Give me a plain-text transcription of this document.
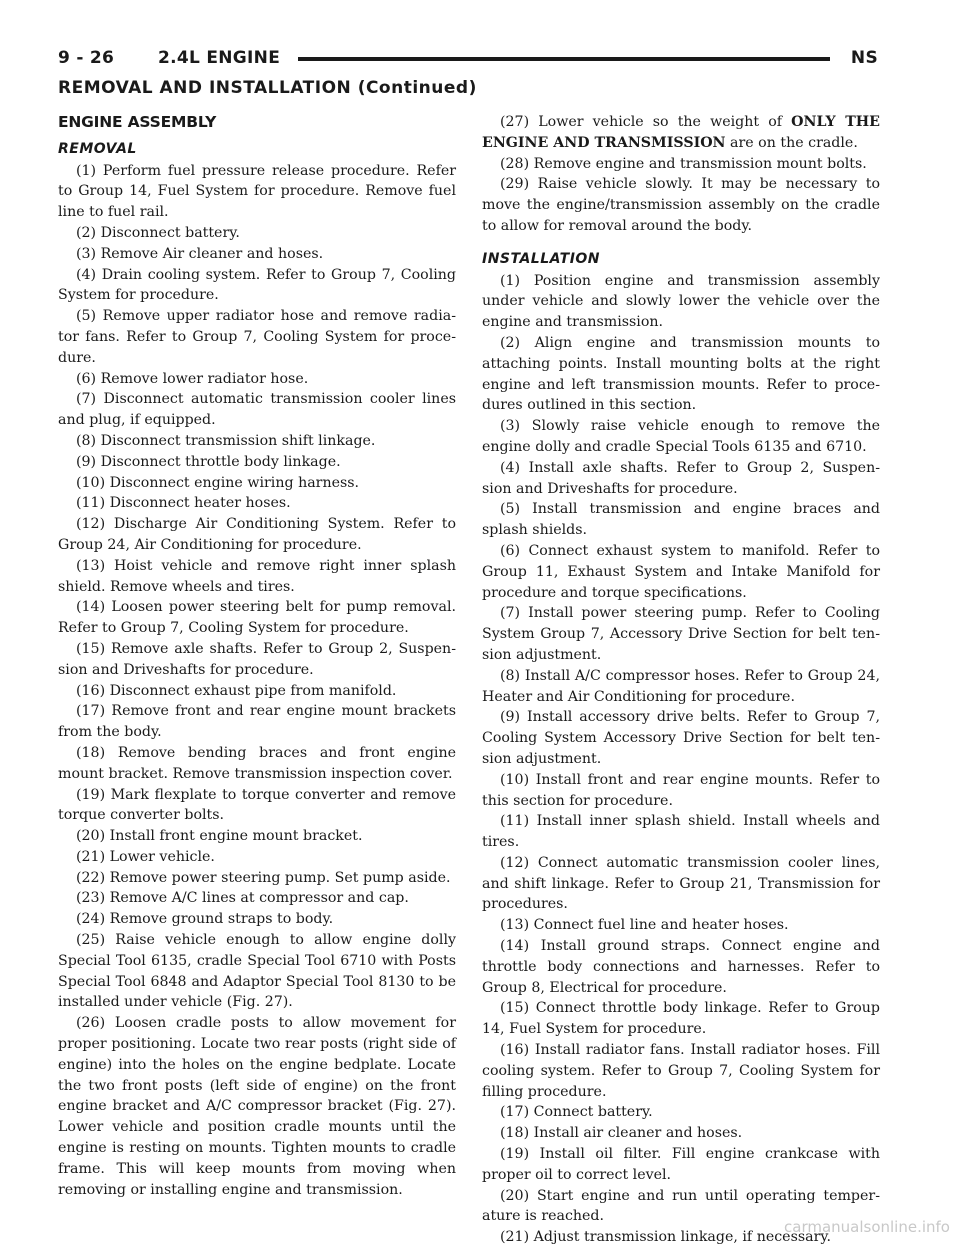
9 - 26	2.4L ENGINE	NS
REMOVAL AND INSTALLATION (Continued)
ENGINE ASSEMBLY
REMOVAL

(1) Perform fuel pressure release procedure. Refer to Group 14, Fuel System for procedure. Remove fuel line to fuel rail.

(2) Disconnect battery.

(3) Remove Air cleaner and hoses.

(4) Drain cooling system. Refer to Group 7, Cooling System for procedure.

(5) Remove upper radiator hose and remove radia- tor fans. Refer to Group 7, Cooling System for proce- dure.

(6) Remove lower radiator hose.

(7) Disconnect automatic transmission cooler lines and plug, if equipped.

(8) Disconnect transmission shift linkage.

(9) Disconnect throttle body linkage.

(10) Disconnect engine wiring harness.

(11) Disconnect heater hoses.

(12) Discharge Air Conditioning System. Refer to Group 24, Air Conditioning for procedure.

(13) Hoist vehicle and remove right inner splash shield. Remove wheels and tires.

(14) Loosen power steering belt for pump removal. Refer to Group 7, Cooling System for procedure.

(15) Remove axle shafts. Refer to Group 2, Suspen- sion and Driveshafts for procedure.

(16) Disconnect exhaust pipe from manifold.

(17) Remove front and rear engine mount brackets from the body.

(18) Remove bending braces and front engine mount bracket. Remove transmission inspection cover.

(19) Mark flexplate to torque converter and remove torque converter bolts.

(20) Install front engine mount bracket.

(21) Lower vehicle.

(22) Remove power steering pump. Set pump aside.

(23) Remove A/C lines at compressor and cap.

(24) Remove ground straps to body.

(25) Raise vehicle enough to allow engine dolly Special Tool 6135, cradle Special Tool 6710 with Posts Special Tool 6848 and Adaptor Special Tool 8130 to be installed under vehicle (Fig. 27).

(26) Loosen cradle posts to allow movement for proper positioning. Locate two rear posts (right side of engine) into the holes on the engine bedplate. Locate the two front posts (left side of engine) on the front engine bracket and A/C compressor bracket (Fig. 27). Lower vehicle and position cradle mounts until the engine is resting on mounts. Tighten mounts to cradle frame. This will keep mounts from moving when removing or installing engine and transmission.

(27) Lower vehicle so the weight of ONLY THE ENGINE AND TRANSMISSION are on the cradle.

(28) Remove engine and transmission mount bolts.

(29) Raise vehicle slowly. It may be necessary to move the engine/transmission assembly on the cradle to allow for removal around the body.

INSTALLATION

(1) Position engine and transmission assembly under vehicle and slowly lower the vehicle over the engine and transmission.

(2) Align engine and transmission mounts to attaching points. Install mounting bolts at the right engine and left transmission mounts. Refer to proce- dures outlined in this section.

(3) Slowly raise vehicle enough to remove the engine dolly and cradle Special Tools 6135 and 6710.

(4) Install axle shafts. Refer to Group 2, Suspen- sion and Driveshafts for procedure.

(5) Install transmission and engine braces and splash shields.

(6) Connect exhaust system to manifold. Refer to Group 11, Exhaust System and Intake Manifold for procedure and torque specifications.

(7) Install power steering pump. Refer to Cooling System Group 7, Accessory Drive Section for belt ten- sion adjustment.

(8) Install A/C compressor hoses. Refer to Group 24, Heater and Air Conditioning for procedure.

(9) Install accessory drive belts. Refer to Group 7, Cooling System Accessory Drive Section for belt ten- sion adjustment.

(10) Install front and rear engine mounts. Refer to this section for procedure.

(11) Install inner splash shield. Install wheels and tires.

(12) Connect automatic transmission cooler lines, and shift linkage. Refer to Group 21, Transmission for procedures.

(13) Connect fuel line and heater hoses.

(14) Install ground straps. Connect engine and throttle body connections and harnesses. Refer to Group 8, Electrical for procedure.

(15) Connect throttle body linkage. Refer to Group 14, Fuel System for procedure.

(16) Install radiator fans. Install radiator hoses. Fill cooling system. Refer to Group 7, Cooling System for filling procedure.

(17) Connect battery.

(18) Install air cleaner and hoses.

(19) Install oil filter. Fill engine crankcase with proper oil to correct level.

(20) Start engine and run until operating temper- ature is reached.

(21) Adjust transmission linkage, if necessary.

carmanualsonline.info
